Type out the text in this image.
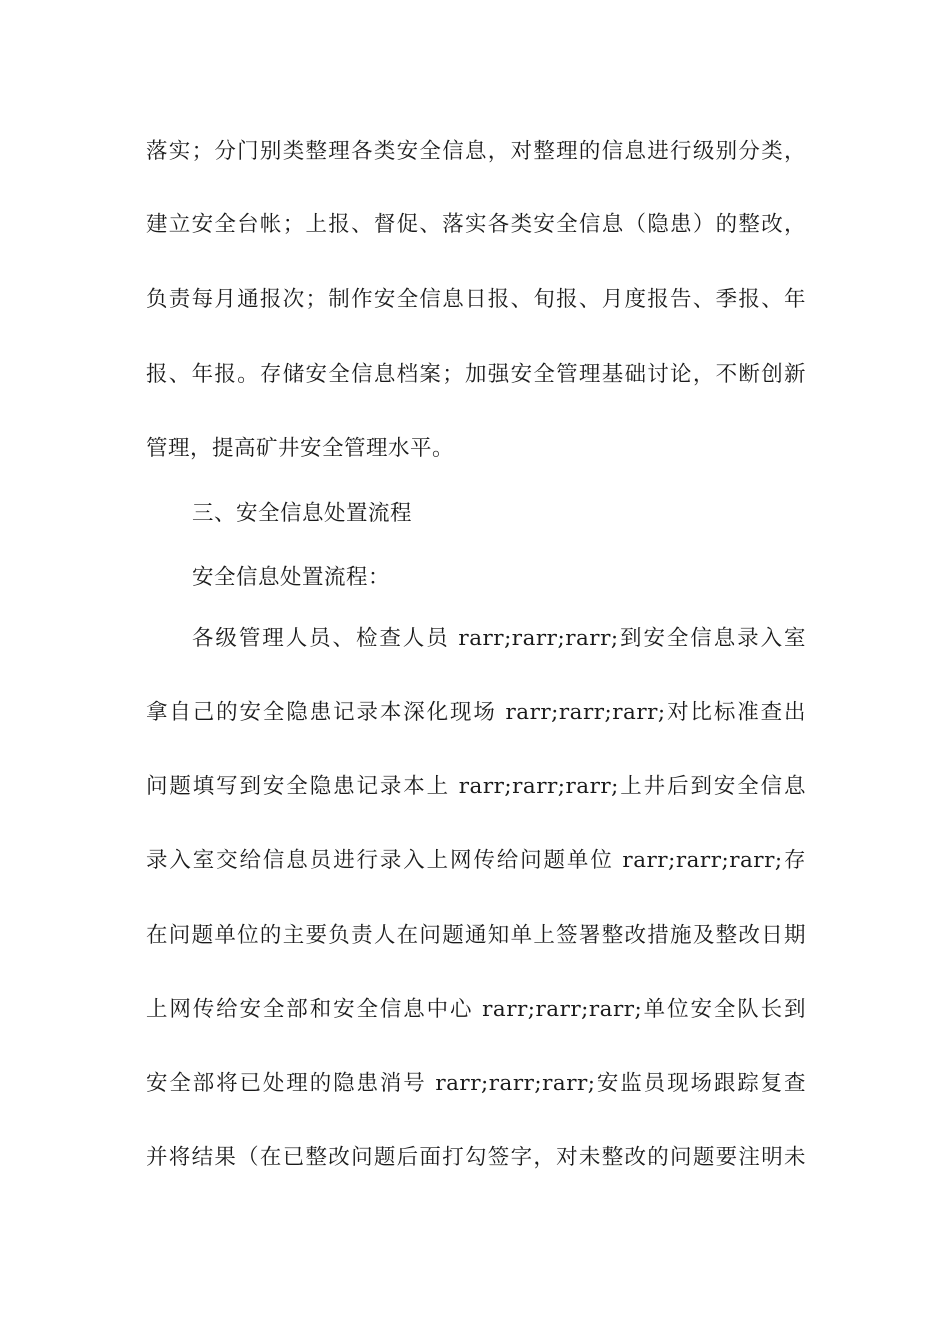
落实；分门别类整理各类安全信息，对整理的信息进行级别分类，
建立安全台帐；上报、督促、落实各类安全信息（隐患）的整改，
负责每月通报次；制作安全信息日报、旬报、月度报告、季报、年
报、年报。存储安全信息档案；加强安全管理基础讨论，不断创新
管理，提高矿井安全管理水平。
三、安全信息处置流程
安全信息处置流程：
各级管理人员、检查人员 rarr;rarr;rarr;到安全信息录入室
拿自己的安全隐患记录本深化现场 rarr;rarr;rarr;对比标准查出
问题填写到安全隐患记录本上 rarr;rarr;rarr;上井后到安全信息
录入室交给信息员进行录入上网传给问题单位 rarr;rarr;rarr;存
在问题单位的主要负责人在问题通知单上签署整改措施及整改日期
上网传给安全部和安全信息中心 rarr;rarr;rarr;单位安全队长到
安全部将已处理的隐患消号 rarr;rarr;rarr;安监员现场跟踪复查
并将结果（在已整改问题后面打勾签字，对未整改的问题要注明未
